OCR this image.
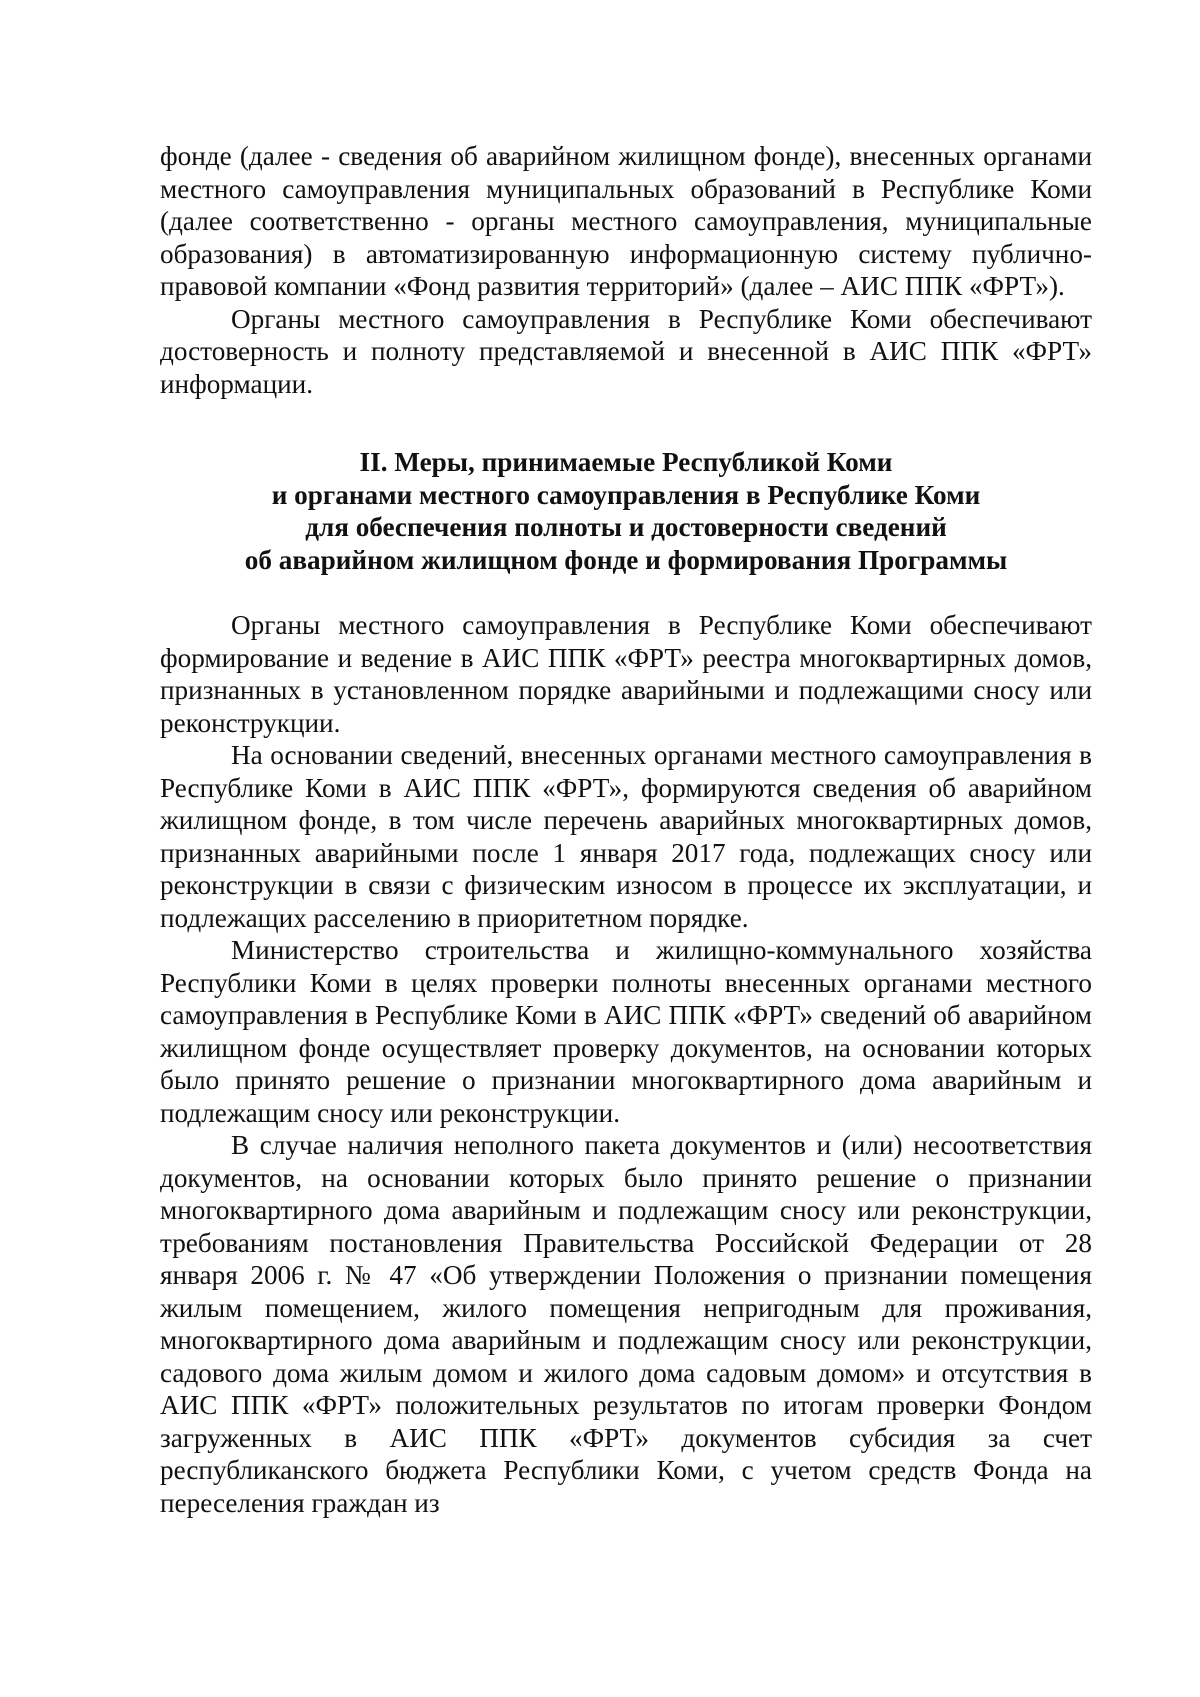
фонде (далее - сведения об аварийном жилищном фонде), внесенных органами местного самоуправления муниципальных образований в Республике Коми (далее соответственно - органы местного самоуправления, муниципальные образования) в автоматизированную информационную систему публично-правовой компании «Фонд развития территорий» (далее – АИС ППК «ФРТ»).

Органы местного самоуправления в Республике Коми обеспечивают достоверность и полноту представляемой и внесенной в АИС ППК «ФРТ» информации.

II. Меры, принимаемые Республикой Коми
и органами местного самоуправления в Республике Коми
для обеспечения полноты и достоверности сведений
об аварийном жилищном фонде и формирования Программы

Органы местного самоуправления в Республике Коми обеспечивают формирование и ведение в АИС ППК «ФРТ» реестра многоквартирных домов, признанных в установленном порядке аварийными и подлежащими сносу или реконструкции.

На основании сведений, внесенных органами местного самоуправления в Республике Коми в АИС ППК «ФРТ», формируются сведения об аварийном жилищном фонде, в том числе перечень аварийных многоквартирных домов, признанных аварийными после 1 января 2017 года, подлежащих сносу или реконструкции в связи с физическим износом в процессе их эксплуатации, и подлежащих расселению в приоритетном порядке.

Министерство строительства и жилищно-коммунального хозяйства Республики Коми в целях проверки полноты внесенных органами местного самоуправления в Республике Коми в АИС ППК «ФРТ» сведений об аварийном жилищном фонде осуществляет проверку документов, на основании которых было принято решение о признании многоквартирного дома аварийным и подлежащим сносу или реконструкции.

В случае наличия неполного пакета документов и (или) несоответствия документов, на основании которых было принято решение о признании многоквартирного дома аварийным и подлежащим сносу или реконструкции, требованиям постановления Правительства Российской Федерации от 28 января 2006 г. № 47 «Об утверждении Положения о признании помещения жилым помещением, жилого помещения непригодным для проживания, многоквартирного дома аварийным и подлежащим сносу или реконструкции, садового дома жилым домом и жилого дома садовым домом» и отсутствия в АИС ППК «ФРТ» положительных результатов по итогам проверки Фондом загруженных в АИС ППК «ФРТ» документов субсидия за счет республиканского бюджета Республики Коми, с учетом средств Фонда на переселения граждан из
